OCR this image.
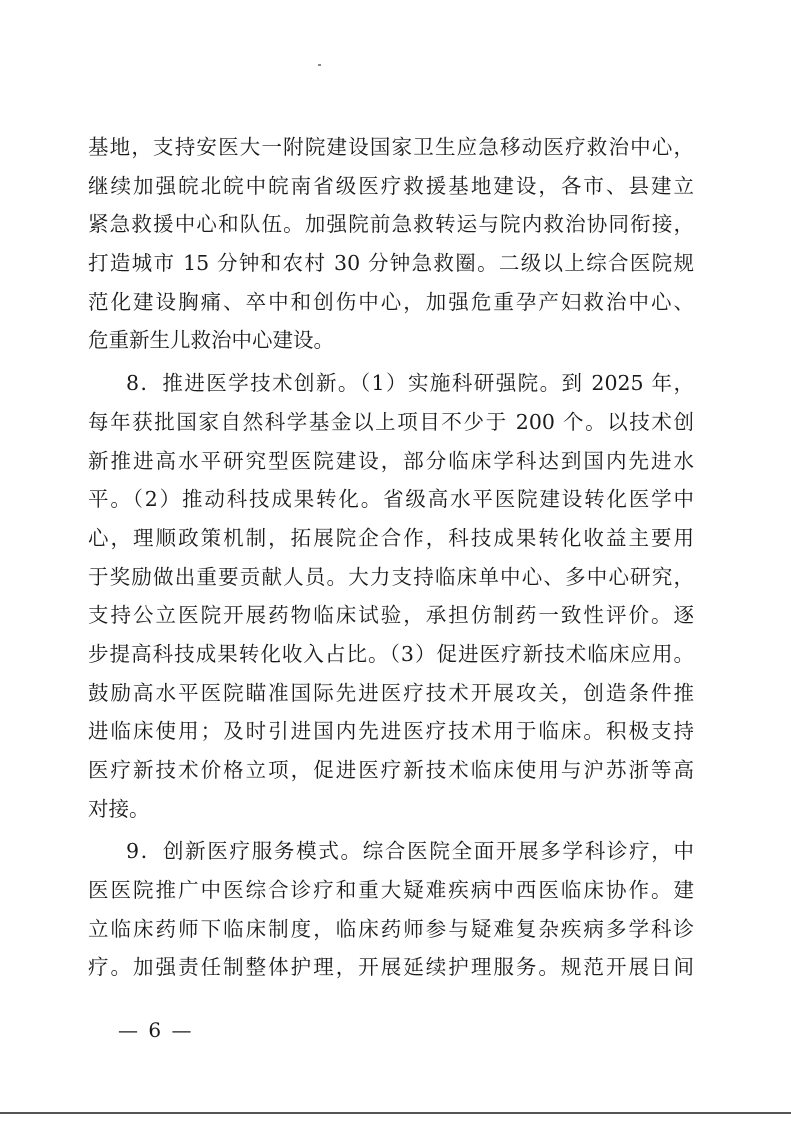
基地，支持安医大一附院建设国家卫生应急移动医疗救治中心，
继续加强皖北皖中皖南省级医疗救援基地建设，各市、县建立
紧急救援中心和队伍。加强院前急救转运与院内救治协同衔接，
打造城市 15 分钟和农村 30 分钟急救圈。二级以上综合医院规
范化建设胸痛、卒中和创伤中心，加强危重孕产妇救治中心、
危重新生儿救治中心建设。
8．推进医学技术创新。（1）实施科研强院。到 2025 年，
每年获批国家自然科学基金以上项目不少于 200 个。以技术创
新推进高水平研究型医院建设，部分临床学科达到国内先进水
平。（2）推动科技成果转化。省级高水平医院建设转化医学中
心，理顺政策机制，拓展院企合作，科技成果转化收益主要用
于奖励做出重要贡献人员。大力支持临床单中心、多中心研究，
支持公立医院开展药物临床试验，承担仿制药一致性评价。逐
步提高科技成果转化收入占比。（3）促进医疗新技术临床应用。
鼓励高水平医院瞄准国际先进医疗技术开展攻关，创造条件推
进临床使用；及时引进国内先进医疗技术用于临床。积极支持
医疗新技术价格立项，促进医疗新技术临床使用与沪苏浙等高
对接。
9．创新医疗服务模式。综合医院全面开展多学科诊疗，中
医医院推广中医综合诊疗和重大疑难疾病中西医临床协作。建
立临床药师下临床制度，临床药师参与疑难复杂疾病多学科诊
疗。加强责任制整体护理，开展延续护理服务。规范开展日间
— 6 —
